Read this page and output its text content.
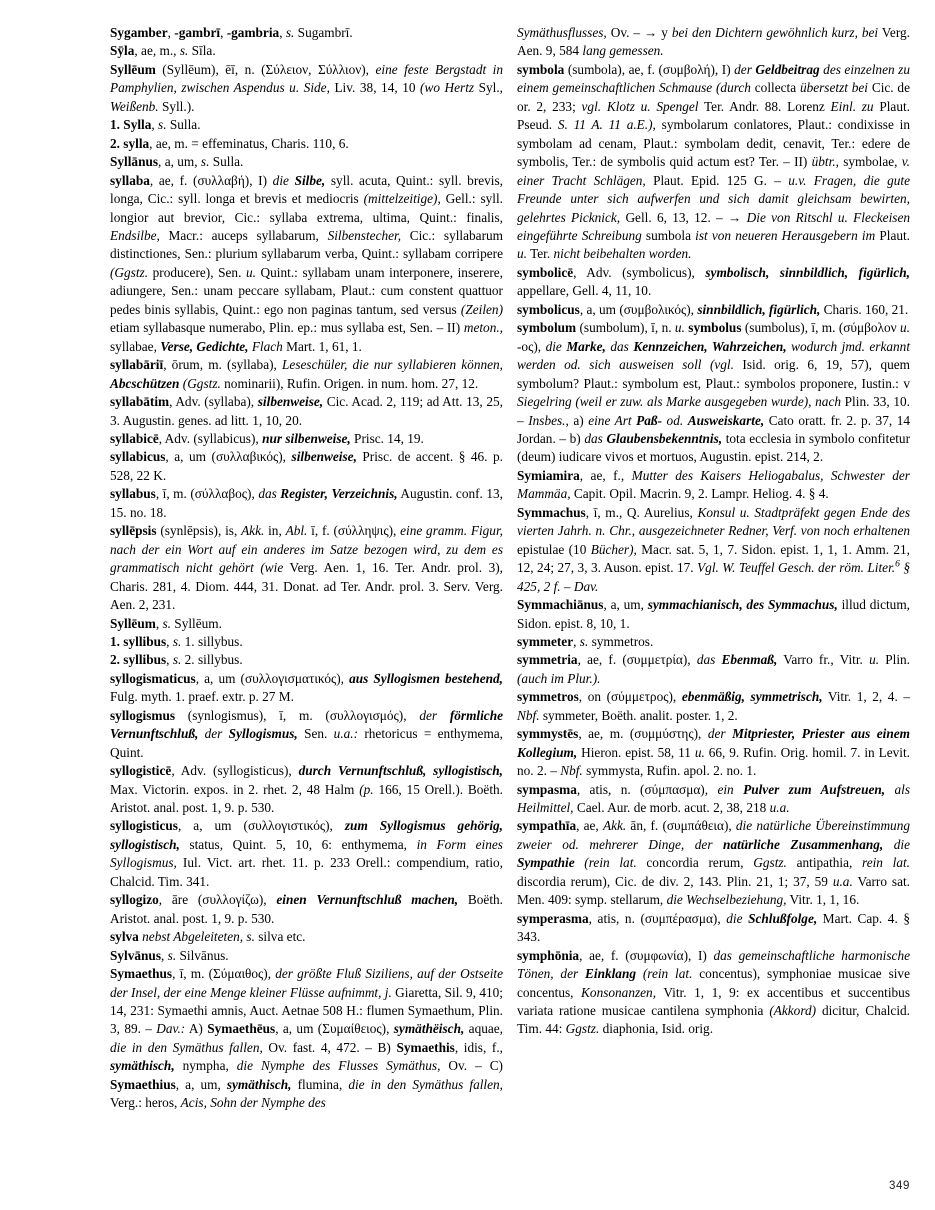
Sygamber, -gambrī, -gambria, s. Sugambrī.

Sȳla, ae, m., s. Sīla.

Syllēum (Syllēum), ēī, n. (Σύλειον, Σύλλιον), eine feste Bergstadt in Pamphylien, zwischen Aspendus u. Side, Liv. 38, 14, 10 (wo Hertz Syl., Weißenb. Syll.).

1. Sylla, s. Sulla.

2. sylla, ae, m. = effeminatus, Charis. 110, 6.

Syllānus, a, um, s. Sulla.

syllaba, ae, f. (συλλαβή), I) die Silbe, syll. acuta, Quint.: syll. brevis, longa, Cic.: syll. longa et brevis et mediocris (mittelzeitige), Gell.: syll. longior aut brevior, Cic.: syllaba extrema, ultima, Quint.: finalis, Endsilbe, Macr.: auceps syllabarum, Silbenstecher, Cic.: syllabarum distinctiones, Sen.: plurium syllabarum verba, Quint.: syllabam corripere (Ggstz. producere), Sen. u. Quint.: syllabam unam interponere, inserere, adiungere, Sen.: unam peccare syllabam, Plaut.: cum constent quattuor pedes binis syllabis, Quint.: ego non paginas tantum, sed versus (Zeilen) etiam syllabasque numerabo, Plin. ep.: mus syllaba est, Sen. – II) meton., syllabae, Verse, Gedichte, Flach Mart. 1, 61, 1.

syllabāriī, ōrum, m. (syllaba), Leseschüler, die nur syllabieren können, Abcschützen (Ggstz. nominarii), Rufin. Origen. in num. hom. 27, 12.

syllabātim, Adv. (syllaba), silbenweise, Cic. Acad. 2, 119; ad Att. 13, 25, 3. Augustin. genes. ad litt. 1, 10, 20.

syllabicē, Adv. (syllabicus), nur silbenweise, Prisc. 14, 19.

syllabicus, a, um (συλλαβικός), silbenweise, Prisc. de accent. § 46. p. 528, 22 K.

syllabus, ī, m. (σύλλαβος), das Register, Verzeichnis, Augustin. conf. 13, 15. no. 18.

syllēpsis (synlēpsis), is, Akk. in, Abl. ī, f. (σύλληψις), eine gramm. Figur, nach der ein Wort auf ein anderes im Satze bezogen wird, zu dem es grammatisch nicht gehört (wie Verg. Aen. 1, 16. Ter. Andr. prol. 3), Charis. 281, 4. Diom. 444, 31. Donat. ad Ter. Andr. prol. 3. Serv. Verg. Aen. 2, 231.

Syllēum, s. Syllēum.

1. syllibus, s. 1. sillybus.

2. syllibus, s. 2. sillybus.

syllogismaticus, a, um (συλλογισματικός), aus Syllogismen bestehend, Fulg. myth. 1. praef. extr. p. 27 M.

syllogismus (synlogismus), ī, m. (συλλογισμός), der förmliche Vernunftschluß, der Syllogismus, Sen. u.a.: rhetoricus = enthymema, Quint.

syllogisticē, Adv. (syllogisticus), durch Vernunftschluß, syllogistisch, Max. Victorin. expos. in 2. rhet. 2, 48 Halm (p. 166, 15 Orell.). Boëth. Aristot. anal. post. 1, 9. p. 530.

syllogisticus, a, um (συλλογιστικός), zum Syllogismus gehörig, syllogistisch, status, Quint. 5, 10, 6: enthymema, in Form eines Syllogismus, Iul. Vict. art. rhet. 11. p. 233 Orell.: compendium, ratio, Chalcid. Tim. 341.

syllogizo, āre (συλλογίζω), einen Vernunftschluß machen, Boëth. Aristot. anal. post. 1, 9. p. 530.

sylva nebst Abgeleiteten, s. silva etc.

Sylvānus, s. Silvānus.

Symaethus, ī, m. (Σύμαιθος), der größte Fluß Siziliens, auf der Ostseite der Insel, der eine Menge kleiner Flüsse aufnimmt, j. Giaretta, Sil. 9, 410; 14, 231: Symaethi amnis, Auct. Aetnae 508 H.: flumen Symaethum, Plin. 3, 89. – Dav.: A) Symaethēus, a, um (Συμαίθειος), symäthëisch, aquae, die in den Symäthus fallen, Ov. fast. 4, 472. – B) Symaethis, idis, f., symäthisch, nympha, die Nymphe des Flusses Symäthus, Ov. – C) Symaethius, a, um, symäthisch, flumina, die in den Symäthus fallen, Verg.: heros, Acis, Sohn der Nymphe des

Symäthusflusses, Ov. – → y bei den Dichtern gewöhnlich kurz, bei Verg. Aen. 9, 584 lang gemessen.

symbola (sumbola), ae, f. (συμβολή), I) der Geldbeitrag des einzelnen zu einem gemeinschaftlichen Schmause (durch collecta übersetzt bei Cic. de or. 2, 233; vgl. Klotz u. Spengel Ter. Andr. 88. Lorenz Einl. zu Plaut. Pseud. S. 11 A. 11 a.E.), symbolarum conlatores, Plaut.: condixisse in symbolam ad cenam, Plaut.: symbolam dedit, cenavit, Ter.: edere de symbolis, Ter.: de symbolis quid actum est? Ter. – II) übtr., symbolae, v. einer Tracht Schlägen, Plaut. Epid. 125 G. – u.v. Fragen, die gute Freunde unter sich aufwerfen und sich damit gleichsam bewirten, gelehrtes Picknick, Gell. 6, 13, 12. – → Die von Ritschl u. Fleckeisen eingeführte Schreibung sumbola ist von neueren Herausgebern im Plaut. u. Ter. nicht beibehalten worden.

symbolicē, Adv. (symbolicus), symbolisch, sinnbildlich, figürlich, appellare, Gell. 4, 11, 10.

symbolicus, a, um (συμβολικός), sinnbildlich, figürlich, Charis. 160, 21.

symbolum (sumbolum), ī, n. u. symbolus (sumbolus), ī, m. (σύμβολον u. -ος), die Marke, das Kennzeichen, Wahrzeichen, wodurch jmd. erkannt werden od. sich ausweisen soll (vgl. Isid. orig. 6, 19, 57), quem symbolum? Plaut.: symbolum est, Plaut.: symbolos proponere, Iustin.: v Siegelring (weil er zuw. als Marke ausgegeben wurde), nach Plin. 33, 10. – Insbes., a) eine Art Paß- od. Ausweiskarte, Cato oratt. fr. 2. p. 37, 14 Jordan. – b) das Glaubensbekenntnis, tota ecclesia in symbolo confitetur (deum) iudicare vivos et mortuos, Augustin. epist. 214, 2.

Symiamira, ae, f., Mutter des Kaisers Heliogabalus, Schwester der Mammäa, Capit. Opil. Macrin. 9, 2. Lampr. Heliog. 4. § 4.

Symmachus, ī, m., Q. Aurelius, Konsul u. Stadtpräfekt gegen Ende des vierten Jahrh. n. Chr., ausgezeichneter Redner, Verf. von noch erhaltenen epistulae (10 Bücher), Macr. sat. 5, 1, 7. Sidon. epist. 1, 1, 1. Amm. 21, 12, 24; 27, 3, 3. Auson. epist. 17. Vgl. W. Teuffel Gesch. der röm. Liter.$^6$ § 425, 2 f. – Dav.

Symmachiānus, a, um, symmachianisch, des Symmachus, illud dictum, Sidon. epist. 8, 10, 1.

symmeter, s. symmetros.

symmetria, ae, f. (συμμετρία), das Ebenmaß, Varro fr., Vitr. u. Plin. (auch im Plur.).

symmetros, on (σύμμετρος), ebenmäßig, symmetrisch, Vitr. 1, 2, 4. – Nbf. symmeter, Boëth. analit. poster. 1, 2.

symmystēs, ae, m. (συμμύστης), der Mitpriester, Priester aus einem Kollegium, Hieron. epist. 58, 11 u. 66, 9. Rufin. Orig. homil. 7. in Levit. no. 2. – Nbf. symmysta, Rufin. apol. 2. no. 1.

sympasma, atis, n. (σύμπασμα), ein Pulver zum Aufstreuen, als Heilmittel, Cael. Aur. de morb. acut. 2, 38, 218 u.a.

sympathīa, ae, Akk. ān, f. (συμπάθεια), die natürliche Übereinstimmung zweier od. mehrerer Dinge, der natürliche Zusammenhang, die Sympathie (rein lat. concordia rerum, Ggstz. antipathia, rein lat. discordia rerum), Cic. de div. 2, 143. Plin. 21, 1; 37, 59 u.a. Varro sat. Men. 409: symp. stellarum, die Wechselbeziehung, Vitr. 1, 1, 16.

symperasma, atis, n. (συμπέρασμα), die Schlußfolge, Mart. Cap. 4. § 343.

symphōnia, ae, f. (συμφωνία), I) das gemeinschaftliche harmonische Tönen, der Einklang (rein lat. concentus), symphoniae musicae sive concentus, Konsonanzen, Vitr. 1, 1, 9: ex accentibus et succentibus variata ratione musicae cantilena symphonia (Akkord) dicitur, Chalcid. Tim. 44: Ggstz. diaphonia, Isid. orig.

349
